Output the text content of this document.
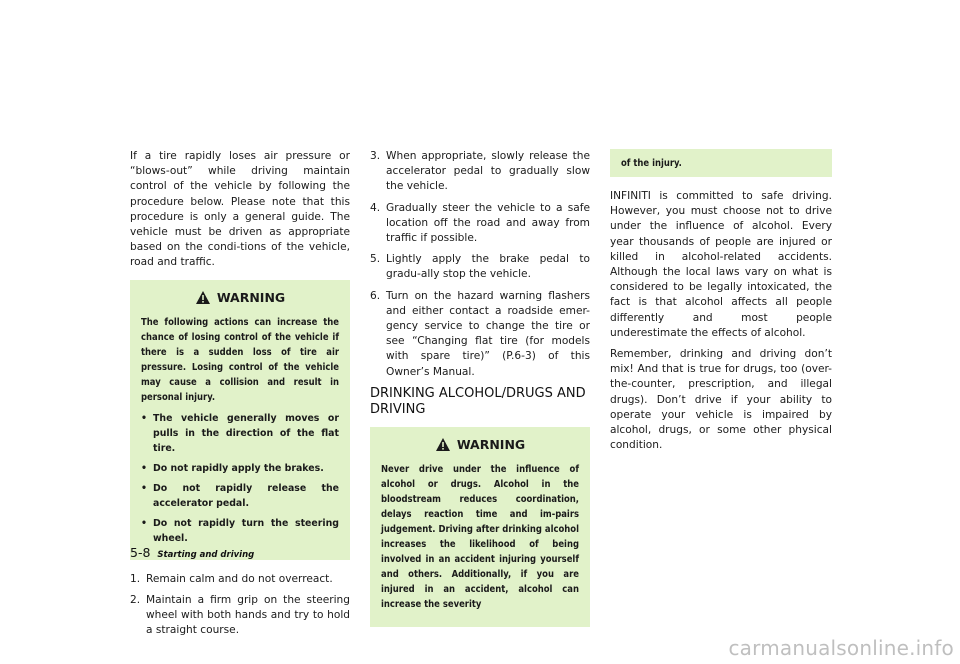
If a tire rapidly loses air pressure or “blows-out” while driving maintain control of the vehicle by following the procedure below. Please note that this procedure is only a general guide. The vehicle must be driven as appropriate based on the condi-tions of the vehicle, road and traffic.

WARNING

The following actions can increase the chance of losing control of the vehicle if there is a sudden loss of tire air pressure. Losing control of the vehicle may cause a collision and result in personal injury.

• The vehicle generally moves or pulls in the direction of the flat tire.
• Do not rapidly apply the brakes.
• Do not rapidly release the accelerator pedal.
• Do not rapidly turn the steering wheel.
1. Remain calm and do not overreact.
2. Maintain a firm grip on the steering wheel with both hands and try to hold a straight course.
3. When appropriate, slowly release the accelerator pedal to gradually slow the vehicle.
4. Gradually steer the vehicle to a safe location off the road and away from traffic if possible.
5. Lightly apply the brake pedal to gradu-ally stop the vehicle.
6. Turn on the hazard warning flashers and either contact a roadside emer-gency service to change the tire or see “Changing flat tire (for models with spare tire)” (P.6-3) of this Owner’s Manual.
DRINKING ALCOHOL/DRUGS AND DRIVING
WARNING

Never drive under the influence of alcohol or drugs. Alcohol in the bloodstream reduces coordination, delays reaction time and im-pairs judgement. Driving after drinking alcohol increases the likelihood of being involved in an accident injuring yourself and others. Additionally, if you are injured in an accident, alcohol can increase the severity

of the injury.

INFINITI is committed to safe driving. However, you must choose not to drive under the influence of alcohol. Every year thousands of people are injured or killed in alcohol-related accidents. Although the local laws vary on what is considered to be legally intoxicated, the fact is that alcohol affects all people differently and most people underestimate the effects of alcohol.

Remember, drinking and driving don’t mix! And that is true for drugs, too (over-the-counter, prescription, and illegal drugs). Don’t drive if your ability to operate your vehicle is impaired by alcohol, drugs, or some other physical condition.

5-8 Starting and driving
carmanualsonline.info
